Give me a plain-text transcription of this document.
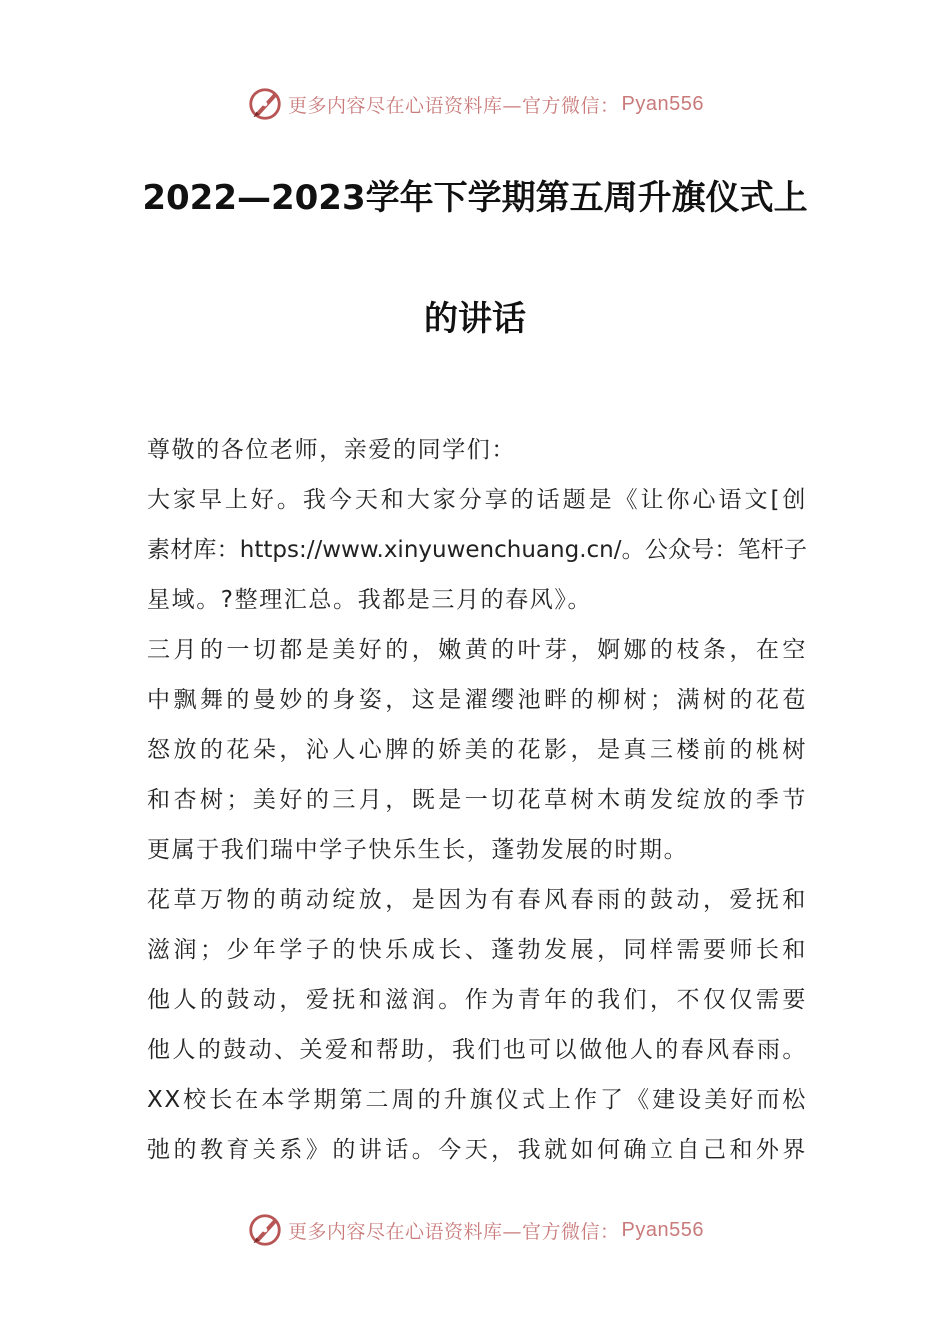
更多内容尽在心语资料库—官方微信： Pyan556
2022—2023学年下学期第五周升旗仪式上
的讲话
尊敬的各位老师，亲爱的同学们：
大家早上好。我今天和大家分享的话题是《让你心语文[创
素材库：https://www.xinyuwenchuang.cn/。公众号：笔杆子
星域。?整理汇总。我都是三月的春风》。
三月的一切都是美好的，嫩黄的叶芽，婀娜的枝条，在空
中飘舞的曼妙的身姿，这是濯缨池畔的柳树；满树的花苞
怒放的花朵，沁人心脾的娇美的花影，是真三楼前的桃树
和杏树；美好的三月，既是一切花草树木萌发绽放的季节
更属于我们瑞中学子快乐生长，蓬勃发展的时期。
花草万物的萌动绽放，是因为有春风春雨的鼓动，爱抚和
滋润；少年学子的快乐成长、蓬勃发展，同样需要师长和
他人的鼓动，爱抚和滋润。作为青年的我们，不仅仅需要
他人的鼓动、关爱和帮助，我们也可以做他人的春风春雨。
XX校长在本学期第二周的升旗仪式上作了《建设美好而松
弛的教育关系》的讲话。今天，我就如何确立自己和外界
更多内容尽在心语资料库—官方微信： Pyan556
